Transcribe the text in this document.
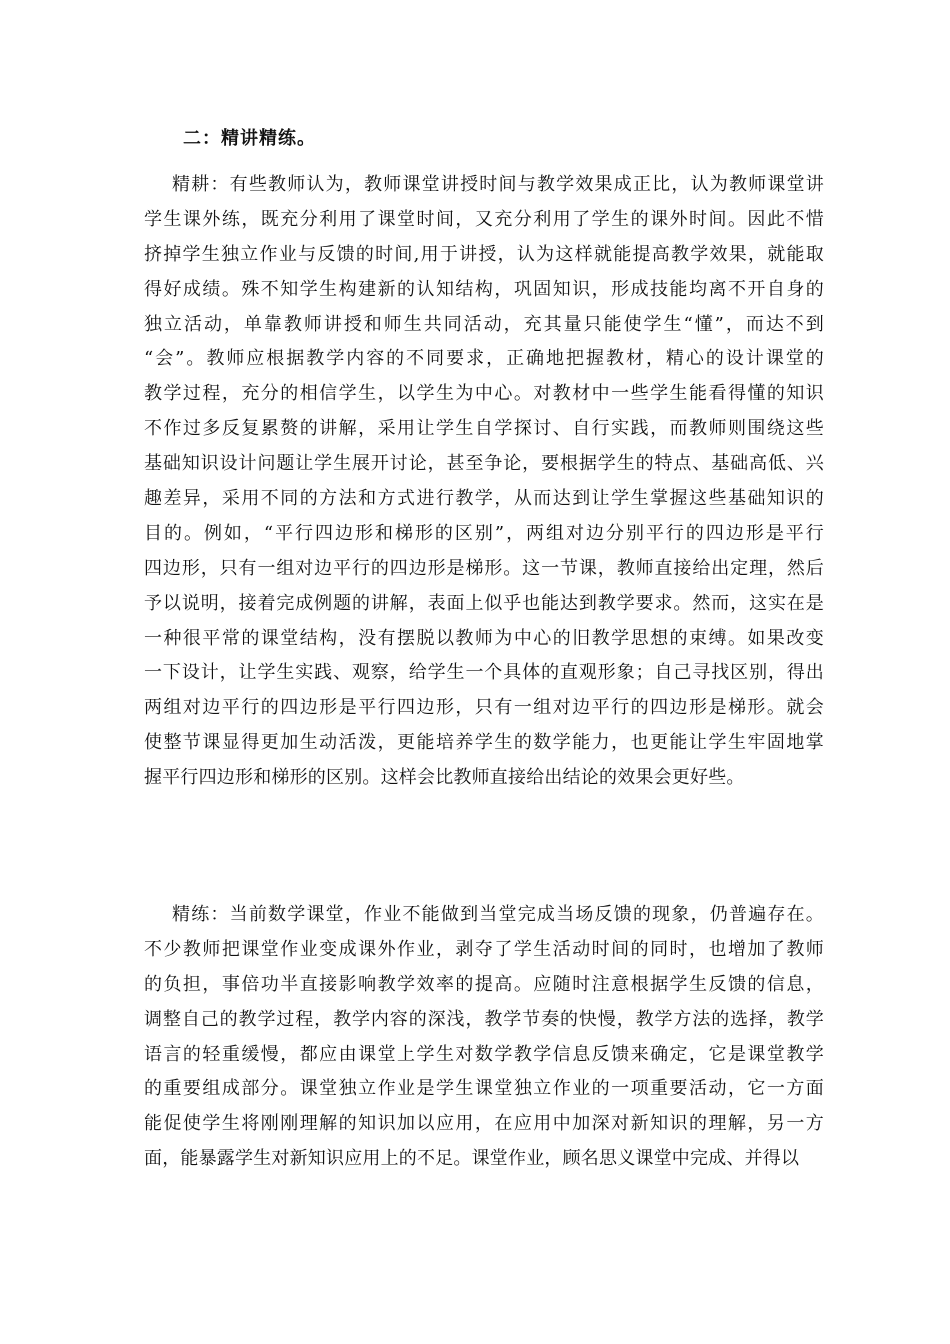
二：精讲精练。
精耕：有些教师认为，教师课堂讲授时间与教学效果成正比，认为教师课堂讲
学生课外练，既充分利用了课堂时间，又充分利用了学生的课外时间。因此不惜
挤掉学生独立作业与反馈的时间,用于讲授，认为这样就能提高教学效果，就能取
得好成绩。殊不知学生构建新的认知结构，巩固知识，形成技能均离不开自身的
独立活动，单靠教师讲授和师生共同活动，充其量只能使学生“懂”，而达不到
“会”。教师应根据教学内容的不同要求，正确地把握教材，精心的设计课堂的
教学过程，充分的相信学生，以学生为中心。对教材中一些学生能看得懂的知识
不作过多反复累赘的讲解，采用让学生自学探讨、自行实践，而教师则围绕这些
基础知识设计问题让学生展开讨论，甚至争论，要根据学生的特点、基础高低、兴
趣差异，采用不同的方法和方式进行教学，从而达到让学生掌握这些基础知识的
目的。例如，“平行四边形和梯形的区别”，两组对边分别平行的四边形是平行
四边形，只有一组对边平行的四边形是梯形。这一节课，教师直接给出定理，然后
予以说明，接着完成例题的讲解，表面上似乎也能达到教学要求。然而，这实在是
一种很平常的课堂结构，没有摆脱以教师为中心的旧教学思想的束缚。如果改变
一下设计，让学生实践、观察，给学生一个具体的直观形象；自己寻找区别，得出
两组对边平行的四边形是平行四边形，只有一组对边平行的四边形是梯形。就会
使整节课显得更加生动活泼，更能培养学生的数学能力，也更能让学生牢固地掌
握平行四边形和梯形的区别。这样会比教师直接给出结论的效果会更好些。
精练：当前数学课堂，作业不能做到当堂完成当场反馈的现象，仍普遍存在。
不少教师把课堂作业变成课外作业，剥夺了学生活动时间的同时，也增加了教师
的负担，事倍功半直接影响教学效率的提高。应随时注意根据学生反馈的信息，
调整自己的教学过程，教学内容的深浅，教学节奏的快慢，教学方法的选择，教学
语言的轻重缓慢，都应由课堂上学生对数学教学信息反馈来确定，它是课堂教学
的重要组成部分。课堂独立作业是学生课堂独立作业的一项重要活动，它一方面
能促使学生将刚刚理解的知识加以应用，在应用中加深对新知识的理解，另一方
面，能暴露学生对新知识应用上的不足。课堂作业，顾名思义课堂中完成、并得以
